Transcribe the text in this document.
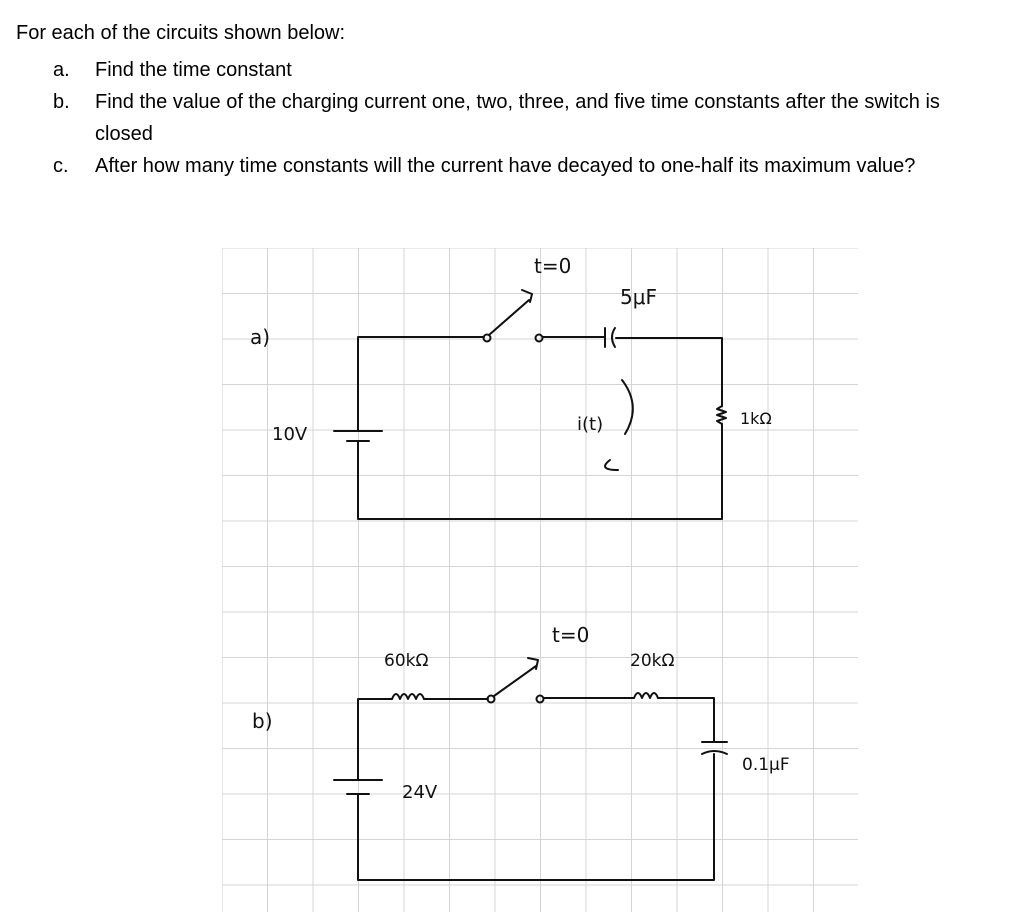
For each of the circuits shown below:

a.	Find the time constant
b.	Find the value of the charging current one, two, three, and five time constants after the switch is closed
c.	After how many time constants will the current have decayed to one-half its maximum value?
a)
t=0
5μF
10V	i(t)	1kΩ
b)
60kΩ
t=0
20kΩ
0.1μF
24V
